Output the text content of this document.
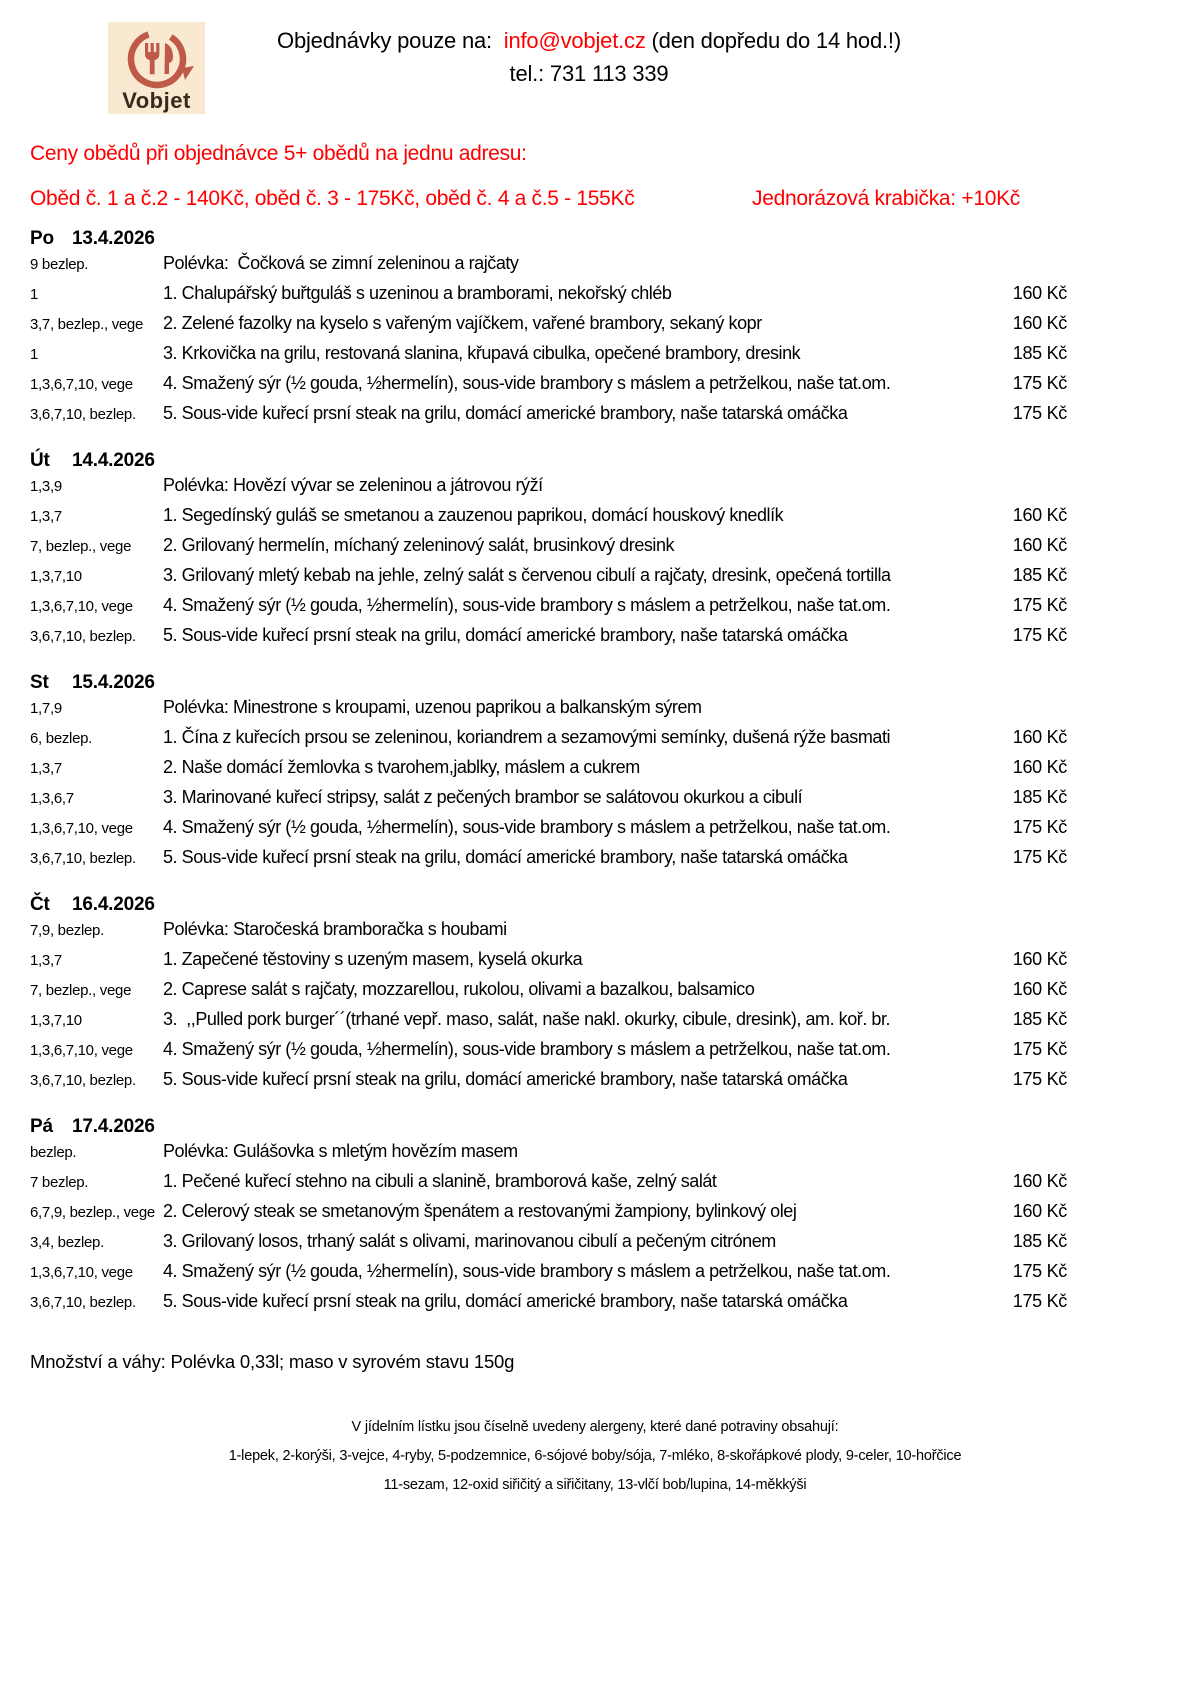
Vobjet
Objednávky pouze na:  info@vobjet.cz (den dopředu do 14 hod.!)
tel.: 731 113 339
Ceny obědů při objednávce 5+ obědů na jednu adresu:
Oběd č. 1 a č.2 - 140Kč, oběd č. 3 - 175Kč, oběd č. 4 a č.5 - 155Kč	Jednorázová krabička: +10Kč
Po 13.4.2026
9 bezlep.	Polévka:  Čočková se zimní zeleninou a rajčaty
1	1. Chalupářský buřtguláš s uzeninou a bramborami, nekořský chléb	160 Kč
3,7, bezlep., vege	2. Zelené fazolky na kyselo s vařeným vajíčkem, vařené brambory, sekaný kopr	160 Kč
1	3. Krkovička na grilu, restovaná slanina, křupavá cibulka, opečené brambory, dresink	185 Kč
1,3,6,7,10, vege	4. Smažený sýr (½ gouda, ½hermelín), sous-vide brambory s máslem a petrželkou, naše tat.om.	175 Kč
3,6,7,10, bezlep.	5. Sous-vide kuřecí prsní steak na grilu, domácí americké brambory, naše tatarská omáčka	175 Kč
Út 14.4.2026
1,3,9	Polévka: Hovězí vývar se zeleninou a játrovou rýží
1,3,7	1. Segedínský guláš se smetanou a zauzenou paprikou, domácí houskový knedlík	160 Kč
7, bezlep., vege	2. Grilovaný hermelín, míchaný zeleninový salát, brusinkový dresink	160 Kč
1,3,7,10	3. Grilovaný mletý kebab na jehle, zelný salát s červenou cibulí a rajčaty, dresink, opečená tortilla	185 Kč
1,3,6,7,10, vege	4. Smažený sýr (½ gouda, ½hermelín), sous-vide brambory s máslem a petrželkou, naše tat.om.	175 Kč
3,6,7,10, bezlep.	5. Sous-vide kuřecí prsní steak na grilu, domácí americké brambory, naše tatarská omáčka	175 Kč
St 15.4.2026
1,7,9	Polévka: Minestrone s kroupami, uzenou paprikou a balkanským sýrem
6, bezlep.	1. Čína z kuřecích prsou se zeleninou, koriandrem a sezamovými semínky, dušená rýže basmati	160 Kč
1,3,7	2. Naše domácí žemlovka s tvarohem,jablky, máslem a cukrem	160 Kč
1,3,6,7	3. Marinované kuřecí stripsy, salát z pečených brambor se salátovou okurkou a cibulí	185 Kč
1,3,6,7,10, vege	4. Smažený sýr (½ gouda, ½hermelín), sous-vide brambory s máslem a petrželkou, naše tat.om.	175 Kč
3,6,7,10, bezlep.	5. Sous-vide kuřecí prsní steak na grilu, domácí americké brambory, naše tatarská omáčka	175 Kč
Čt 16.4.2026
7,9, bezlep.	Polévka: Staročeská bramboračka s houbami
1,3,7	1. Zapečené těstoviny s uzeným masem, kyselá okurka	160 Kč
7, bezlep., vege	2. Caprese salát s rajčaty, mozzarellou, rukolou, olivami a bazalkou, balsamico	160 Kč
1,3,7,10	3.  ,,Pulled pork burger´´(trhané vepř. maso, salát, naše nakl. okurky, cibule, dresink), am. koř. br.	185 Kč
1,3,6,7,10, vege	4. Smažený sýr (½ gouda, ½hermelín), sous-vide brambory s máslem a petrželkou, naše tat.om.	175 Kč
3,6,7,10, bezlep.	5. Sous-vide kuřecí prsní steak na grilu, domácí americké brambory, naše tatarská omáčka	175 Kč
Pá 17.4.2026
bezlep.	Polévka: Gulášovka s mletým hovězím masem
7 bezlep.	1. Pečené kuřecí stehno na cibuli a slanině, bramborová kaše, zelný salát	160 Kč
6,7,9, bezlep., vege 2. Celerový steak se smetanovým špenátem a restovanými žampiony, bylinkový olej	160 Kč
3,4, bezlep.	3. Grilovaný losos, trhaný salát s olivami, marinovanou cibulí a pečeným citrónem	185 Kč
1,3,6,7,10, vege	4. Smažený sýr (½ gouda, ½hermelín), sous-vide brambory s máslem a petrželkou, naše tat.om.	175 Kč
3,6,7,10, bezlep.	5. Sous-vide kuřecí prsní steak na grilu, domácí americké brambory, naše tatarská omáčka	175 Kč
Množství a váhy: Polévka 0,33l; maso v syrovém stavu 150g
V jídelním lístku jsou číselně uvedeny alergeny, které dané potraviny obsahují:
1-lepek, 2-korýši, 3-vejce, 4-ryby, 5-podzemnice, 6-sójové boby/sója, 7-mléko, 8-skořápkové plody, 9-celer, 10-hořčice
11-sezam, 12-oxid siřičitý a siřičitany, 13-vlčí bob/lupina, 14-měkkýši
